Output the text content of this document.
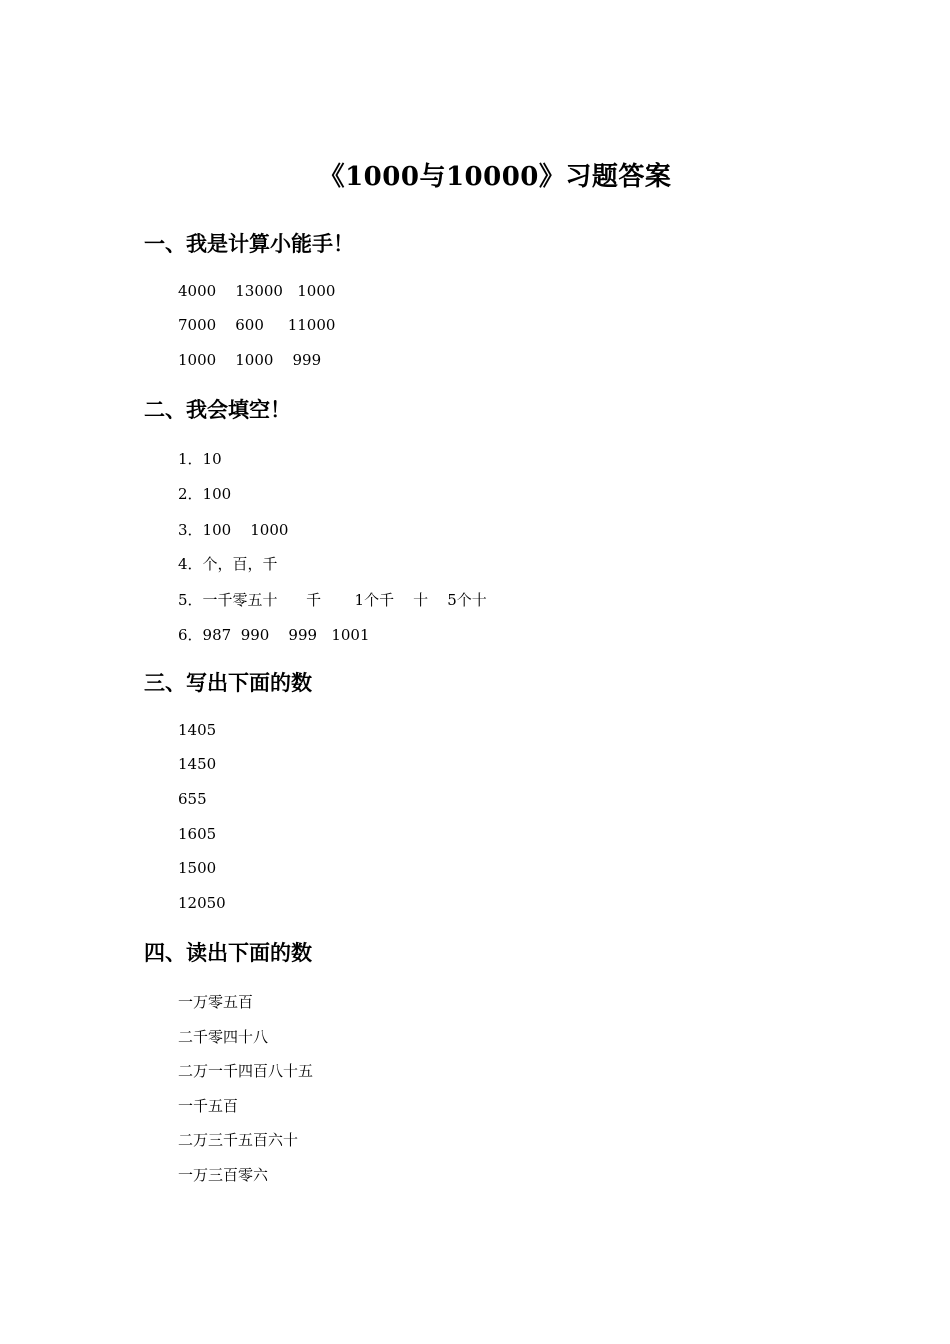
《1000与10000》习题答案
一、我是计算小能手！
4000    13000   1000
7000    600     11000
1000    1000    999
二、我会填空！
1．10
2．100
3．100    1000
4．个，百，千
5．一千零五十      千       1个千    十    5个十
6．987  990    999   1001
三、写出下面的数
1405
1450
655
1605
1500
12050
四、读出下面的数
一万零五百
二千零四十八
二万一千四百八十五
一千五百
二万三千五百六十
一万三百零六
